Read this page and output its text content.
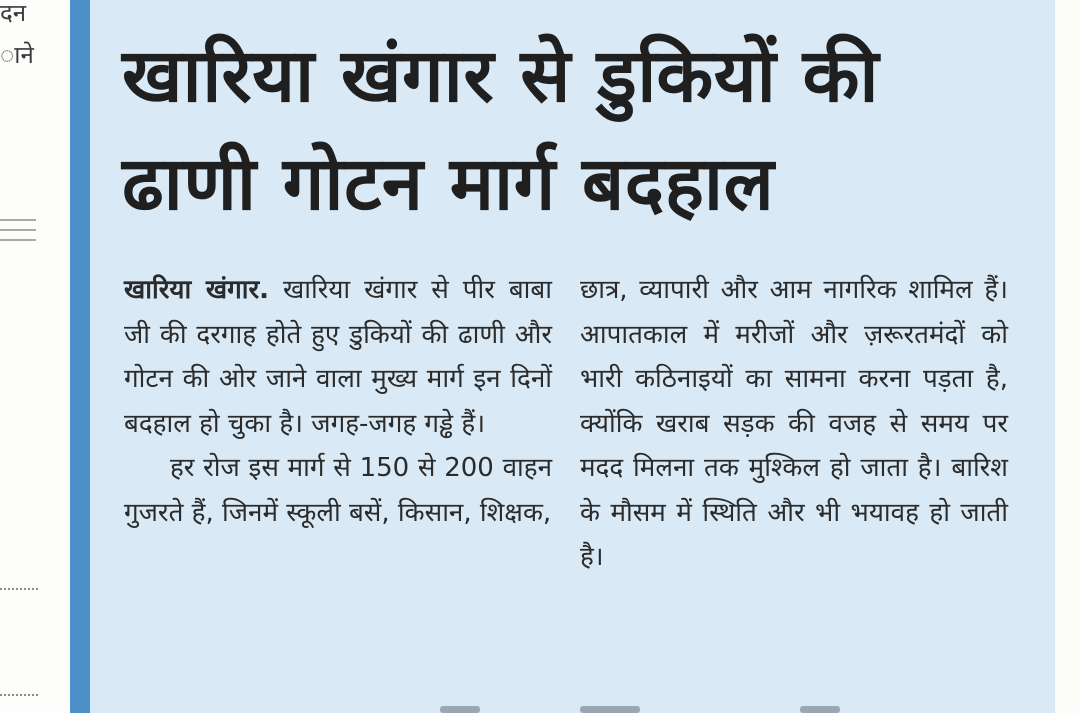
दन
ाने खारिया खंगार से डुकियों की
ढाणी गोटन मार्ग बदहाल

खारिया खंगार. खारिया खंगार से पीर बाबा जी की दरगाह होते हुए डुकियों की ढाणी और गोटन की ओर जाने वाला मुख्य मार्ग इन दिनों बदहाल हो चुका है। जगह-जगह गड्ढे हैं।

हर रोज इस मार्ग से 150 से 200 वाहन गुजरते हैं, जिनमें स्कूली बसें, किसान, शिक्षक,

छात्र, व्यापारी और आम नागरिक शामिल हैं। आपातकाल में मरीजों और ज़रूरतमंदों को भारी कठिनाइयों का सामना करना पड़ता है, क्योंकि खराब सड़क की वजह से समय पर मदद मिलना तक मुश्किल हो जाता है। बारिश के मौसम में स्थिति और भी भयावह हो जाती है।
